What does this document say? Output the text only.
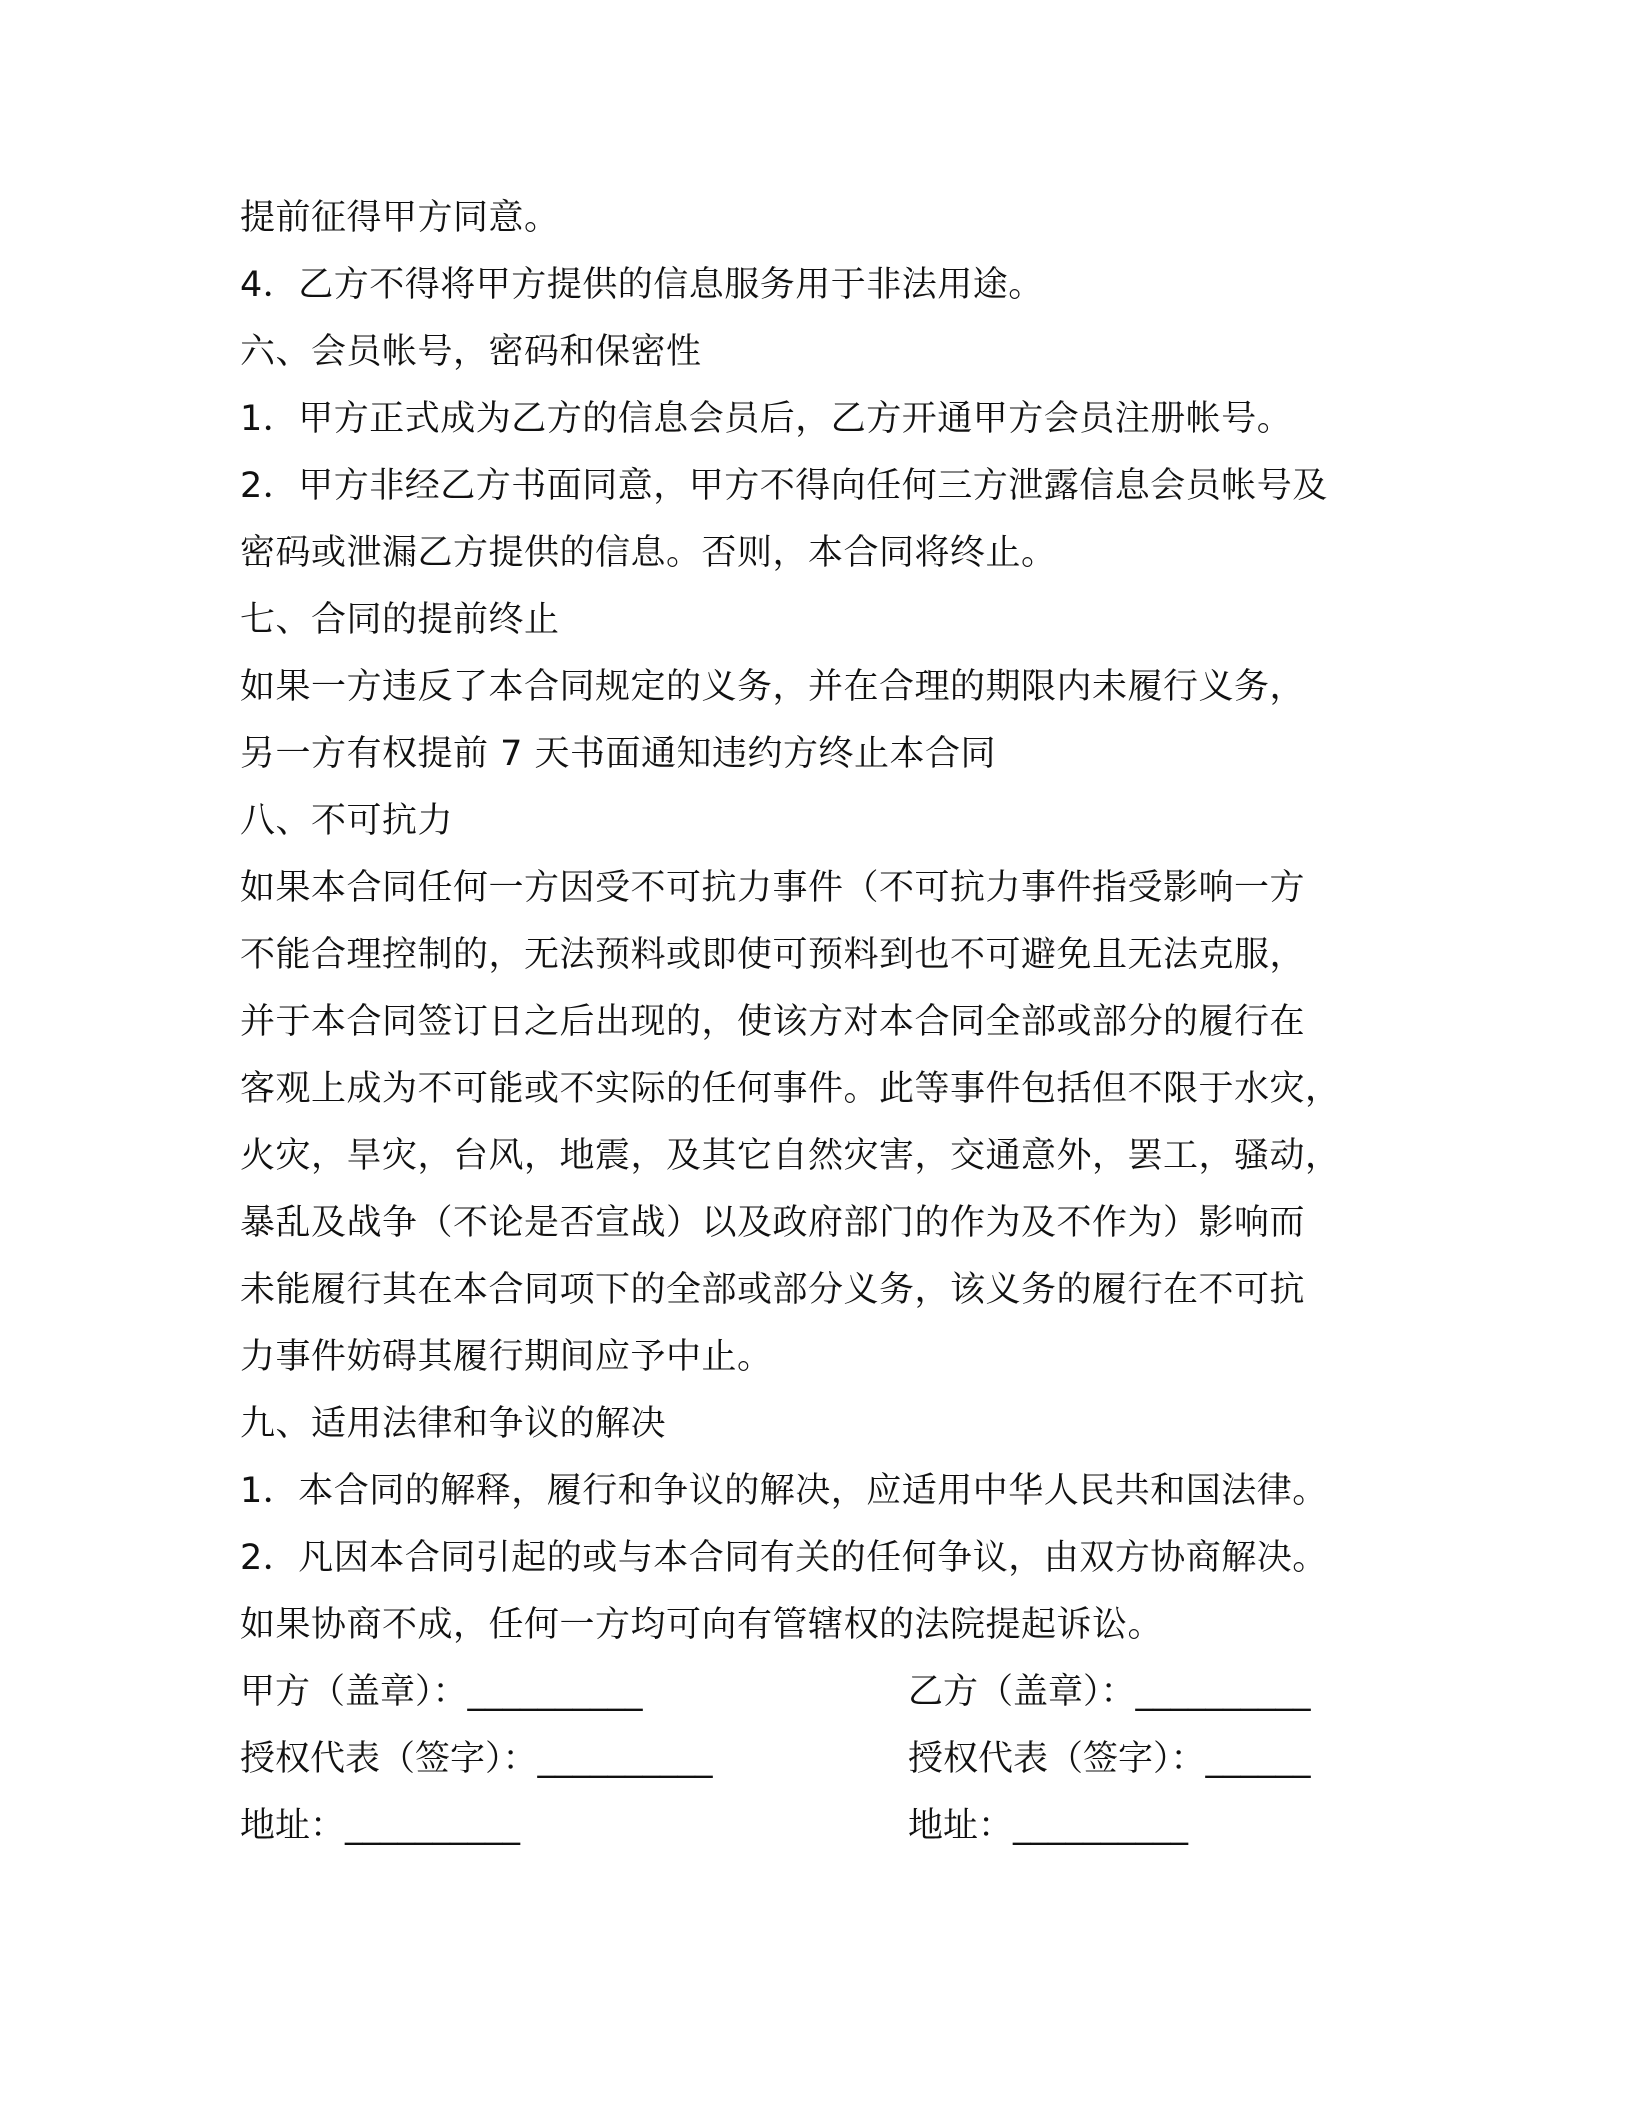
提前征得甲方同意。
4．乙方不得将甲方提供的信息服务用于非法用途。
六、会员帐号，密码和保密性
1．甲方正式成为乙方的信息会员后，乙方开通甲方会员注册帐号。
2．甲方非经乙方书面同意，甲方不得向任何三方泄露信息会员帐号及
密码或泄漏乙方提供的信息。否则，本合同将终止。
七、合同的提前终止
如果一方违反了本合同规定的义务，并在合理的期限内未履行义务，
另一方有权提前 7 天书面通知违约方终止本合同
八、不可抗力
如果本合同任何一方因受不可抗力事件（不可抗力事件指受影响一方
不能合理控制的，无法预料或即使可预料到也不可避免且无法克服，
并于本合同签订日之后出现的，使该方对本合同全部或部分的履行在
客观上成为不可能或不实际的任何事件。此等事件包括但不限于水灾，
火灾，旱灾，台风，地震，及其它自然灾害，交通意外，罢工，骚动，
暴乱及战争（不论是否宣战）以及政府部门的作为及不作为）影响而
未能履行其在本合同项下的全部或部分义务，该义务的履行在不可抗
力事件妨碍其履行期间应予中止。
九、适用法律和争议的解决
1．本合同的解释，履行和争议的解决，应适用中华人民共和国法律。
2．凡因本合同引起的或与本合同有关的任何争议，由双方协商解决。
如果协商不成，任何一方均可向有管辖权的法院提起诉讼。
甲方（盖章）：__________	乙方（盖章）：__________
授权代表（签字）：__________	授权代表（签字）：______
地址：__________	地址：__________
